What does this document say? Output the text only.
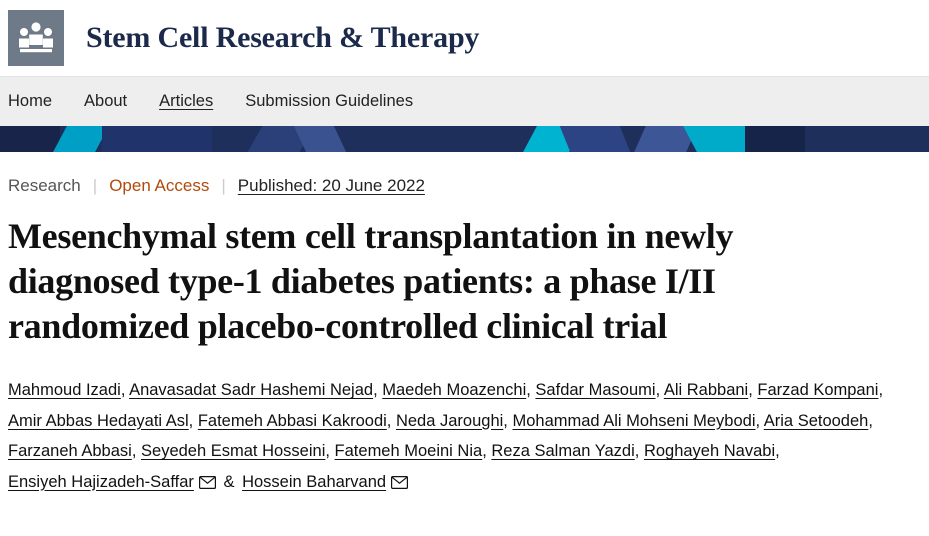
Stem Cell Research & Therapy
Home About Articles Submission Guidelines
Research | Open Access | Published: 20 June 2022
Mesenchymal stem cell transplantation in newly diagnosed type-1 diabetes patients: a phase I/II randomized placebo-controlled clinical trial
Mahmoud Izadi, Anavasadat Sadr Hashemi Nejad, Maedeh Moazenchi, Safdar Masoumi, Ali Rabbani, Farzad Kompani, Amir Abbas Hedayati Asl, Fatemeh Abbasi Kakroodi, Neda Jaroughi, Mohammad Ali Mohseni Meybodi, Aria Setoodeh, Farzaneh Abbasi, Seyedeh Esmat Hosseini, Fatemeh Moeini Nia, Reza Salman Yazdi, Roghayeh Navabi, Ensiyeh Hajizadeh-Saffar & Hossein Baharvand
